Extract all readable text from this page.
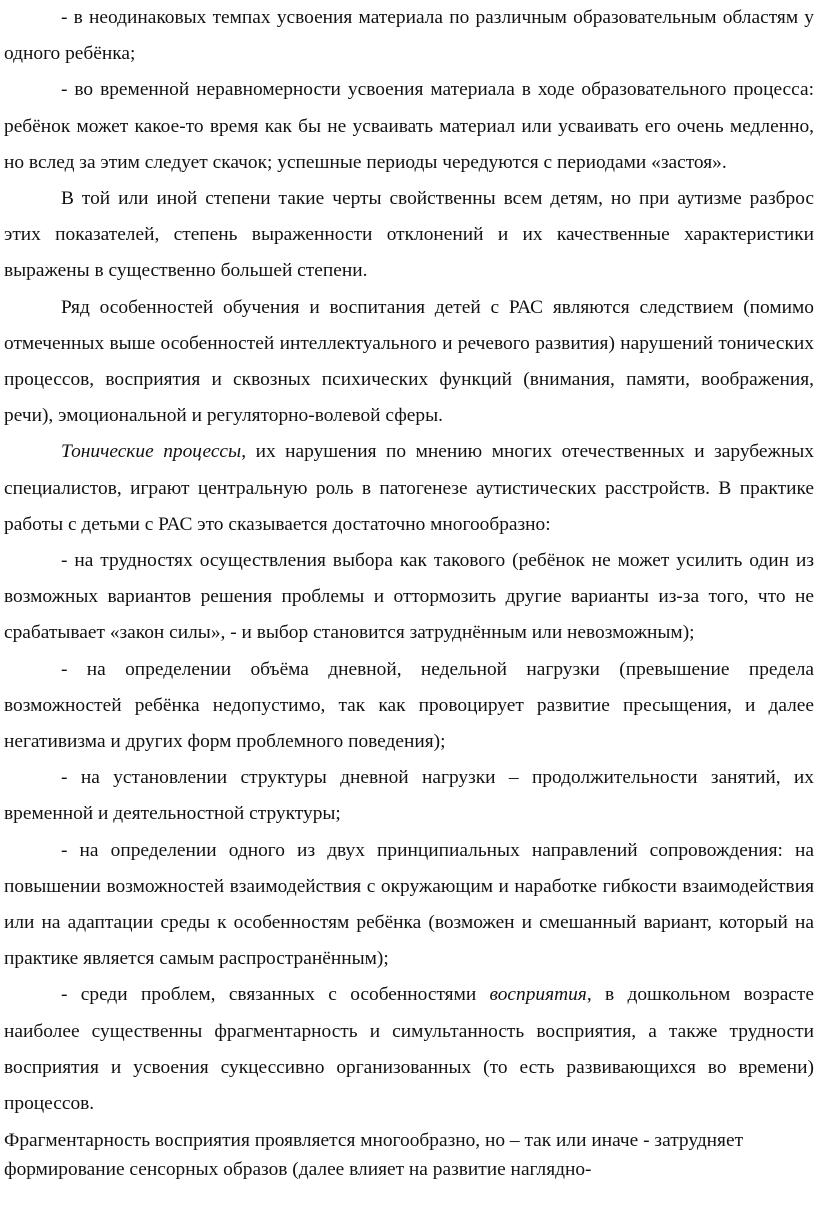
- в неодинаковых темпах усвоения материала по различным образовательным областям у одного ребёнка;

- во временной неравномерности усвоения материала в ходе образовательного процесса: ребёнок может какое-то время как бы не усваивать материал или усваивать его очень медленно, но вслед за этим следует скачок; успешные периоды чередуются с периодами «застоя».

В той или иной степени такие черты свойственны всем детям, но при аутизме разброс этих показателей, степень выраженности отклонений и их качественные характеристики выражены в существенно большей степени.

Ряд особенностей обучения и воспитания детей с РАС являются следствием (помимо отмеченных выше особенностей интеллектуального и речевого развития) нарушений тонических процессов, восприятия и сквозных психических функций (внимания, памяти, воображения, речи), эмоциональной и регуляторно-волевой сферы.

Тонические процессы, их нарушения по мнению многих отечественных и зарубежных специалистов, играют центральную роль в патогенезе аутистических расстройств. В практике работы с детьми с РАС это сказывается достаточно многообразно:

- на трудностях осуществления выбора как такового (ребёнок не может усилить один из возможных вариантов решения проблемы и оттормозить другие варианты из-за того, что не срабатывает «закон силы», - и выбор становится затруднённым или невозможным);

- на определении объёма дневной, недельной нагрузки (превышение предела возможностей ребёнка недопустимо, так как провоцирует развитие пресыщения, и далее негативизма и других форм проблемного поведения);

- на установлении структуры дневной нагрузки – продолжительности занятий, их временной и деятельностной структуры;

- на определении одного из двух принципиальных направлений сопровождения: на повышении возможностей взаимодействия с окружающим и наработке гибкости взаимодействия или на адаптации среды к особенностям ребёнка (возможен и смешанный вариант, который на практике является самым распространённым);

- среди проблем, связанных с особенностями восприятия, в дошкольном возрасте наиболее существенны фрагментарность и симультанность восприятия, а также трудности восприятия и усвоения сукцессивно организованных (то есть развивающихся во времени) процессов.

Фрагментарность восприятия проявляется многообразно, но – так или иначе - затрудняет формирование сенсорных образов (далее влияет на развитие наглядно-
